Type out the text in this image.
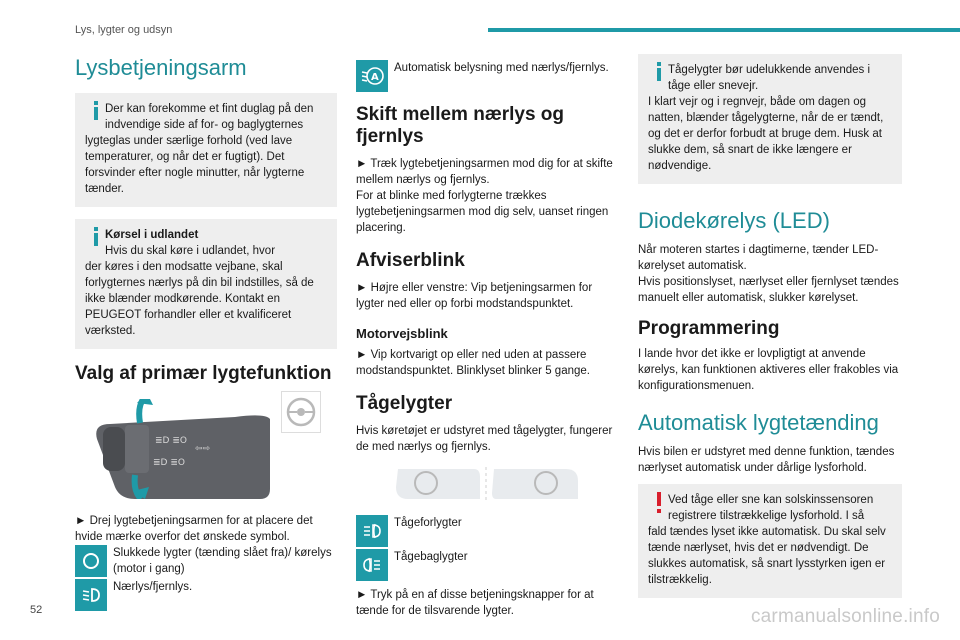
Lys, lygter og udsyn
Lysbetjeningsarm
Der kan forekomme et fint duglag på den indvendige side af for- og baglygternes
lygteglas under særlige forhold (ved lave temperaturer, og når det er fugtigt). Det forsvinder efter nogle minutter, når lygterne tænder.
Kørsel i udlandet
Hvis du skal køre i udlandet, hvor
der køres i den modsatte vejbane, skal forlygternes nærlys på din bil indstilles, så de ikke blænder modkørende. Kontakt en PEUGEOT forhandler eller et kvalificeret værksted.
Valg af primær lygtefunktion
≣D ≣O
≣D ≣O
⇦⇨

► Drej lygtebetjeningsarmen for at placere det hvide mærke overfor det ønskede symbol.

Slukkede lygter (tænding slået fra)/ kørelys (motor i gang)
Nærlys/fjernlys.
A
Automatisk belysning med nærlys/fjernlys.
Skift mellem nærlys og fjernlys

► Træk lygtebetjeningsarmen mod dig for at skifte mellem nærlys og fjernlys.

For at blinke med forlygterne trækkes lygtebetjeningsarmen mod dig selv, uanset ringen placering.

Afviserblink

► Højre eller venstre: Vip betjeningsarmen for lygter ned eller op forbi modstandspunktet.

Motorvejsblink

► Vip kortvarigt op eller ned uden at passere modstandspunktet. Blinklyset blinker 5 gange.

Tågelygter

Hvis køretøjet er udstyret med tågelygter, fungerer de med nærlys og fjernlys.

Tågeforlygter
Tågebaglygter

► Tryk på en af disse betjeningsknapper for at tænde for de tilsvarende lygter.

Tågelygter bør udelukkende anvendes i tåge eller snevejr.
I klart vejr og i regnvejr, både om dagen og natten, blænder tågelygterne, når de er tændt, og det er derfor forbudt at bruge dem. Husk at slukke dem, så snart de ikke længere er nødvendige.
Diodekørelys (LED)

Når moteren startes i dagtimerne, tænder LED-kørelyset automatisk.

Hvis positionslyset, nærlyset eller fjernlyset tændes manuelt eller automatisk, slukker kørelyset.

Programmering

I lande hvor det ikke er lovpligtigt at anvende kørelys, kan funktionen aktiveres eller frakobles via konfigurationsmenuen.

Automatisk lygtetænding

Hvis bilen er udstyret med denne funktion, tændes nærlyset automatisk under dårlige lysforhold.

Ved tåge eller sne kan solskinssensoren registrere tilstrækkelige lysforhold. I så
fald tændes lyset ikke automatisk. Du skal selv tænde nærlyset, hvis det er nødvendigt. De slukkes automatisk, så snart lysstyrken igen er tilstrækkelig.
52	carmanualsonline.info
